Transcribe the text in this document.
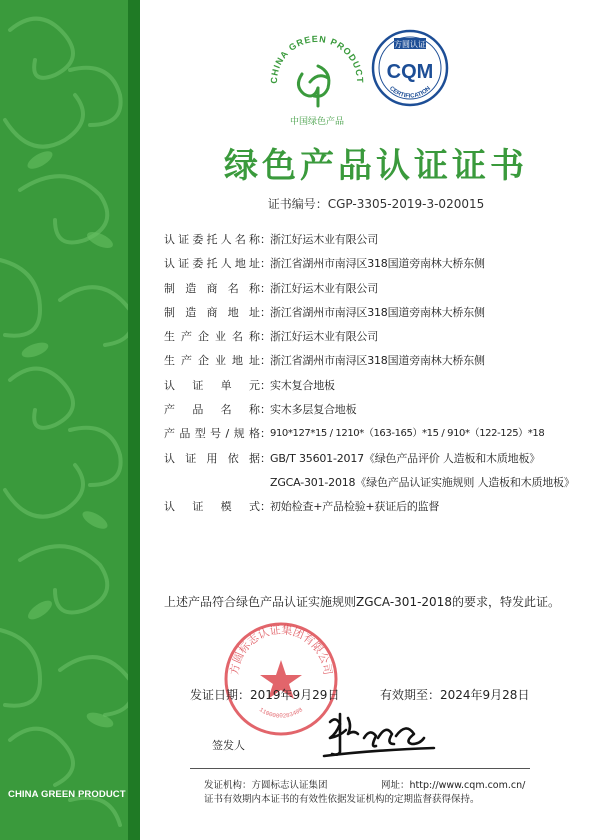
CHINA GREEN PRODUCT
CHINA GREEN PRODUCT
中国绿色产品
方圆认证
CQM
CERTIFICATION
绿色产品认证证书
证书编号：CGP-3305-2019-3-020015
认证委托人名称 ： 浙江好运木业有限公司
认证委托人地址 ： 浙江省湖州市南浔区318国道旁南林大桥东侧
制造商名称 ： 浙江好运木业有限公司
制造商地址 ： 浙江省湖州市南浔区318国道旁南林大桥东侧
生产企业名称 ： 浙江好运木业有限公司
生产企业地址 ： 浙江省湖州市南浔区318国道旁南林大桥东侧
认证单元 ： 实木复合地板
产品名称 ： 实木多层复合地板
产品型号/规格 ： 910*127*15 / 1210*（163-165）*15 / 910*（122-125）*18
认证用依据 ： GB/T 35601-2017《绿色产品评价 人造板和木质地板》
ZGCA-301-2018《绿色产品认证实施规则 人造板和木质地板》
认证模式 ： 初始检查+产品检验+获证后的监督
上述产品符合绿色产品认证实施规则ZGCA-301-2018的要求，特发此证。
方圆标志认证集团有限公司
1100000283408
发证日期：2019年9月29日	有效期至：2024年9月28日
签发人
发证机构：方圆标志认证集团	网址：http://www.cqm.com.cn/
证书有效期内本证书的有效性依据发证机构的定期监督获得保持。
